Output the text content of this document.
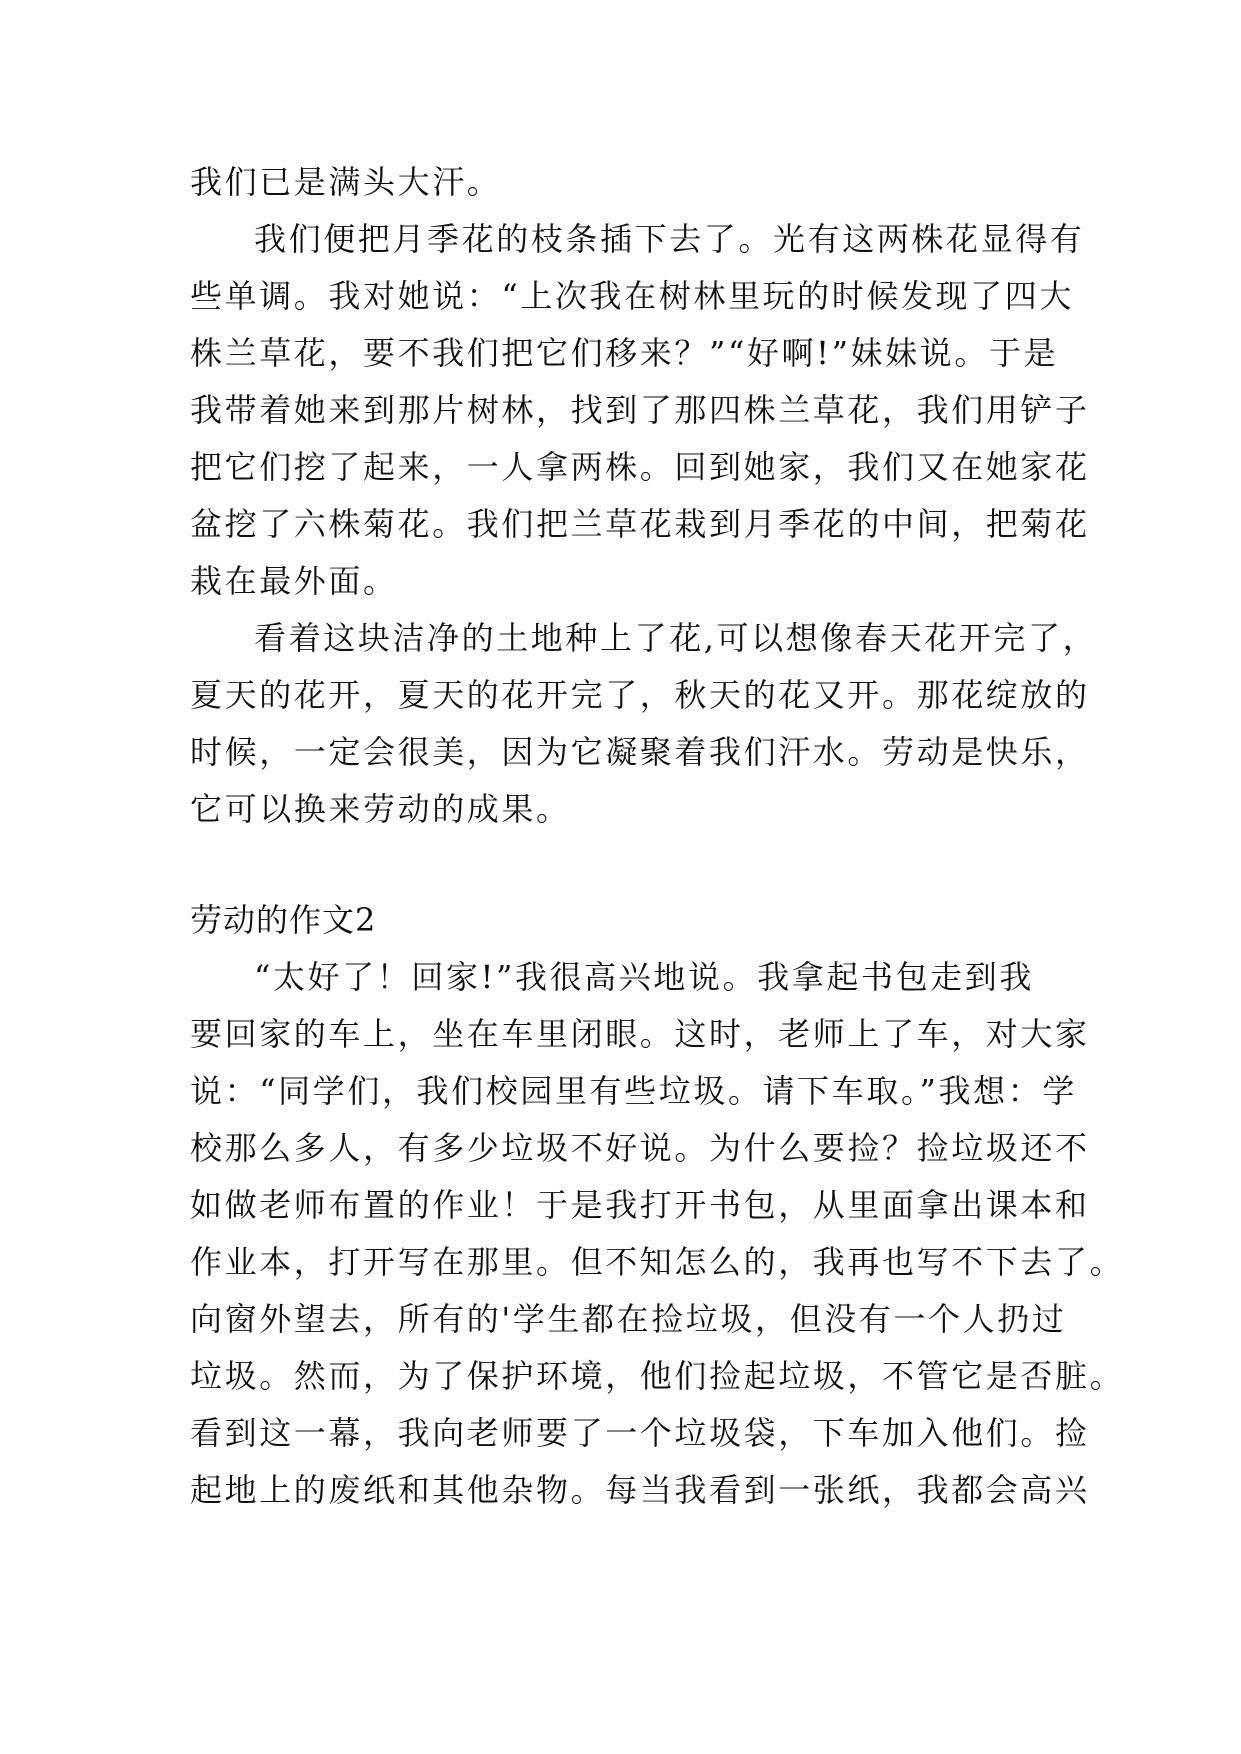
我们已是满头大汗。
我们便把月季花的枝条插下去了。光有这两株花显得有
些单调。我对她说：“上次我在树林里玩的时候发现了四大
株兰草花，要不我们把它们移来？”“好啊!”妹妹说。于是
我带着她来到那片树林，找到了那四株兰草花，我们用铲子
把它们挖了起来，一人拿两株。回到她家，我们又在她家花
盆挖了六株菊花。我们把兰草花栽到月季花的中间，把菊花
栽在最外面。
看着这块洁净的土地种上了花,可以想像春天花开完了，
夏天的花开，夏天的花开完了，秋天的花又开。那花绽放的
时候，一定会很美，因为它凝聚着我们汗水。劳动是快乐，
它可以换来劳动的成果。
劳动的作文2
“太好了！回家!”我很高兴地说。我拿起书包走到我
要回家的车上，坐在车里闭眼。这时，老师上了车，对大家
说：“同学们，我们校园里有些垃圾。请下车取。”我想：学
校那么多人，有多少垃圾不好说。为什么要捡？捡垃圾还不
如做老师布置的作业！于是我打开书包，从里面拿出课本和
作业本，打开写在那里。但不知怎么的，我再也写不下去了。
向窗外望去，所有的'学生都在捡垃圾，但没有一个人扔过
垃圾。然而，为了保护环境，他们捡起垃圾，不管它是否脏。
看到这一幕，我向老师要了一个垃圾袋，下车加入他们。捡
起地上的废纸和其他杂物。每当我看到一张纸，我都会高兴
